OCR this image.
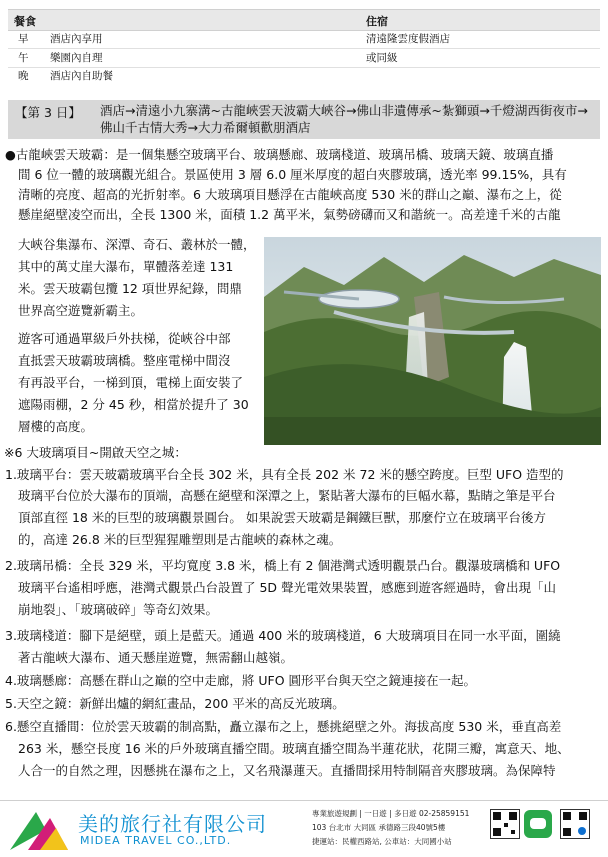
餐食	住宿
早 酒店內享用	清遠隆雲度假酒店
午 樂園內自理	或同級
晚 酒店內自助餐
【第 3 日】 酒店→清遠小九寨溝~古龍峽雲天波霸大峽谷→佛山非遺傳承~紮獅頭→千燈湖西街夜市→佛山千古情大秀→大力希爾頓歡朋酒店

●古龍峽雲天玻霸：是一個集懸空玻璃平台、玻璃懸廊、玻璃棧道、玻璃吊橋、玻璃天鏡、玻璃直播

間 6 位一體的玻璃觀光組合。景區使用 3 層 6.0 厘米厚度的超白夾膠玻璃，透光率 99.15%，具有

清晰的亮度、超高的光折射率。6 大玻璃項目懸浮在古龍峽高度 530 米的群山之巔、瀑布之上，從

懸崖絕壁凌空而出，全長 1300 米，面積 1.2 萬平米，氣勢磅礴而又和諧統一。高差達千米的古龍

大峽谷集瀑布、深潭、奇石、叢林於一體，

其中的萬丈崖大瀑布，單體落差達 131

米。雲天玻霸包攬 12 項世界紀錄，問鼎

世界高空遊覽新霸主。

遊客可通過單級戶外扶梯，從峽谷中部

直抵雲天玻霸玻璃橋。整座電梯中間沒

有再設平台，一梯到頂，電梯上面安裝了

遮陽雨棚，2 分 45 秒，相當於提升了 30

層樓的高度。

※6 大玻璃項目~開啟天空之城：

1.玻璃平台：雲天玻霸玻璃平台全長 302 米，具有全長 202 米 72 米的懸空跨度。巨型 UFO 造型的

玻璃平台位於大瀑布的頂端，高懸在絕壁和深潭之上，緊貼著大瀑布的巨幅水幕，點睛之筆是平台

頂部直徑 18 米的巨型的玻璃觀景圓台。 如果說雲天玻霸是鋼鐵巨獸，那麼佇立在玻璃平台後方

的，高達 26.8 米的巨型猩猩雕塑則是古龍峽的森林之魂。

2.玻璃吊橋：全長 329 米，平均寬度 3.8 米，橋上有 2 個港灣式透明觀景凸台。觀瀑玻璃橋和 UFO

玻璃平台遙相呼應，港灣式觀景凸台設置了 5D 聲光電效果裝置，感應到遊客經過時，會出現「山

崩地裂」、「玻璃破碎」等奇幻效果。

3.玻璃棧道：腳下是絕壁，頭上是藍天。通過 400 米的玻璃棧道，6 大玻璃項目在同一水平面，圍繞

著古龍峽大瀑布、通天懸崖遊覽，無需翻山越嶺。

4.玻璃懸廊：高懸在群山之巔的空中走廊，將 UFO 圓形平台與天空之鏡連接在一起。

5.天空之鏡：新鮮出爐的網紅畫品，200 平米的高反光玻璃。

6.懸空直播間：位於雲天玻霸的制高點，矗立瀑布之上，懸挑絕壁之外。海拔高度 530 米，垂直高差

263 米，懸空長度 16 米的戶外玻璃直播空間。玻璃直播空間為半蓮花狀，花開三瓣，寓意天、地、

人合一的自然之理，因懸挑在瀑布之上，又名飛瀑蓮天。直播間採用特制隔音夾膠玻璃。為保障特

美的旅行社有限公司
MIDEA TRAVEL CO.,LTD.
專業旅遊規劃 | 一日遊 | 多日遊 02-25859151
103 台北市 大同區 承德路三段40號5樓
捷運站：民權西路站, 公車站：大同國小站
